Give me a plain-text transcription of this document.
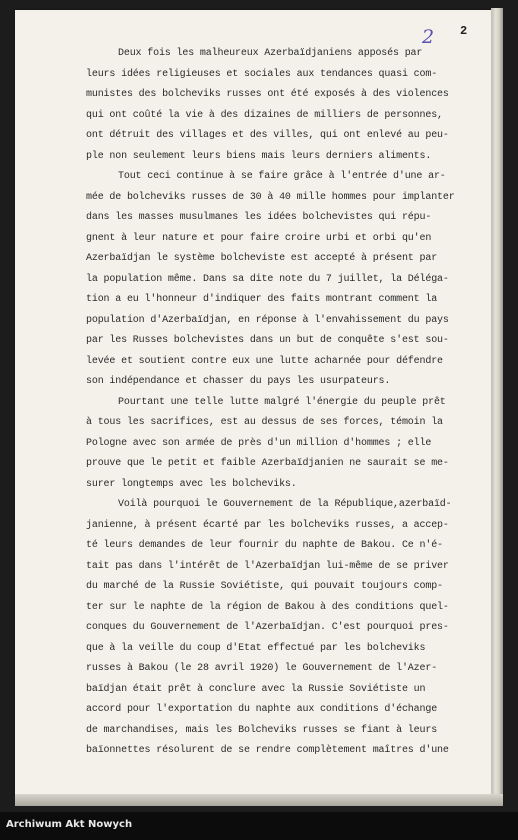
2 2
Deux fois les malheureux Azerbaïdjaniens apposés par
leurs idées religieuses et sociales aux tendances quasi com-
munistes des bolcheviks russes ont été exposés à des violences
qui ont coûté la vie à des dizaines de milliers de personnes,
ont détruit des villages et des villes, qui ont enlevé au peu-
ple non seulement leurs biens mais leurs derniers aliments.
Tout ceci continue à se faire grâce à l'entrée d'une ar-
mée de bolcheviks russes de 30 à 40 mille hommes pour implanter
dans les masses musulmanes les idées bolchevistes qui répu-
gnent à leur nature et pour faire croire urbi et orbi qu'en
Azerbaïdjan le système bolcheviste est accepté à présent par
la population même. Dans sa dite note du 7 juillet, la Déléga-
tion a eu l'honneur d'indiquer des faits montrant comment la
population d'Azerbaïdjan, en réponse à l'envahissement du pays
par les Russes bolchevistes dans un but de conquête s'est sou-
levée et soutient contre eux une lutte acharnée pour défendre
son indépendance et chasser du pays les usurpateurs.
Pourtant une telle lutte malgré l'énergie du peuple prêt
à tous les sacrifices, est au dessus de ses forces, témoin la
Pologne avec son armée de près d'un million d'hommes ; elle
prouve que le petit et faible Azerbaïdjanien ne saurait se me-
surer longtemps avec les bolcheviks.
Voilà pourquoi le Gouvernement de la République,azerbaïd-
janienne, à présent écarté par les bolcheviks russes, a accep-
té leurs demandes de leur fournir du naphte de Bakou. Ce n'é-
tait pas dans l'intérêt de l'Azerbaïdjan lui-même de se priver
du marché de la Russie Soviétiste, qui pouvait toujours comp-
ter sur le naphte de la région de Bakou à des conditions quel-
conques du Gouvernement de l'Azerbaïdjan. C'est pourquoi pres-
que à la veille du coup d'Etat effectué par les bolcheviks
russes à Bakou (le 28 avril 1920) le Gouvernement de l'Azer-
baïdjan était prêt à conclure avec la Russie Soviétiste un
accord pour l'exportation du naphte aux conditions d'échange
de marchandises, mais les Bolcheviks russes se fiant à leurs
baïonnettes résolurent de se rendre complètement maîtres d'une
Archiwum Akt Nowych
